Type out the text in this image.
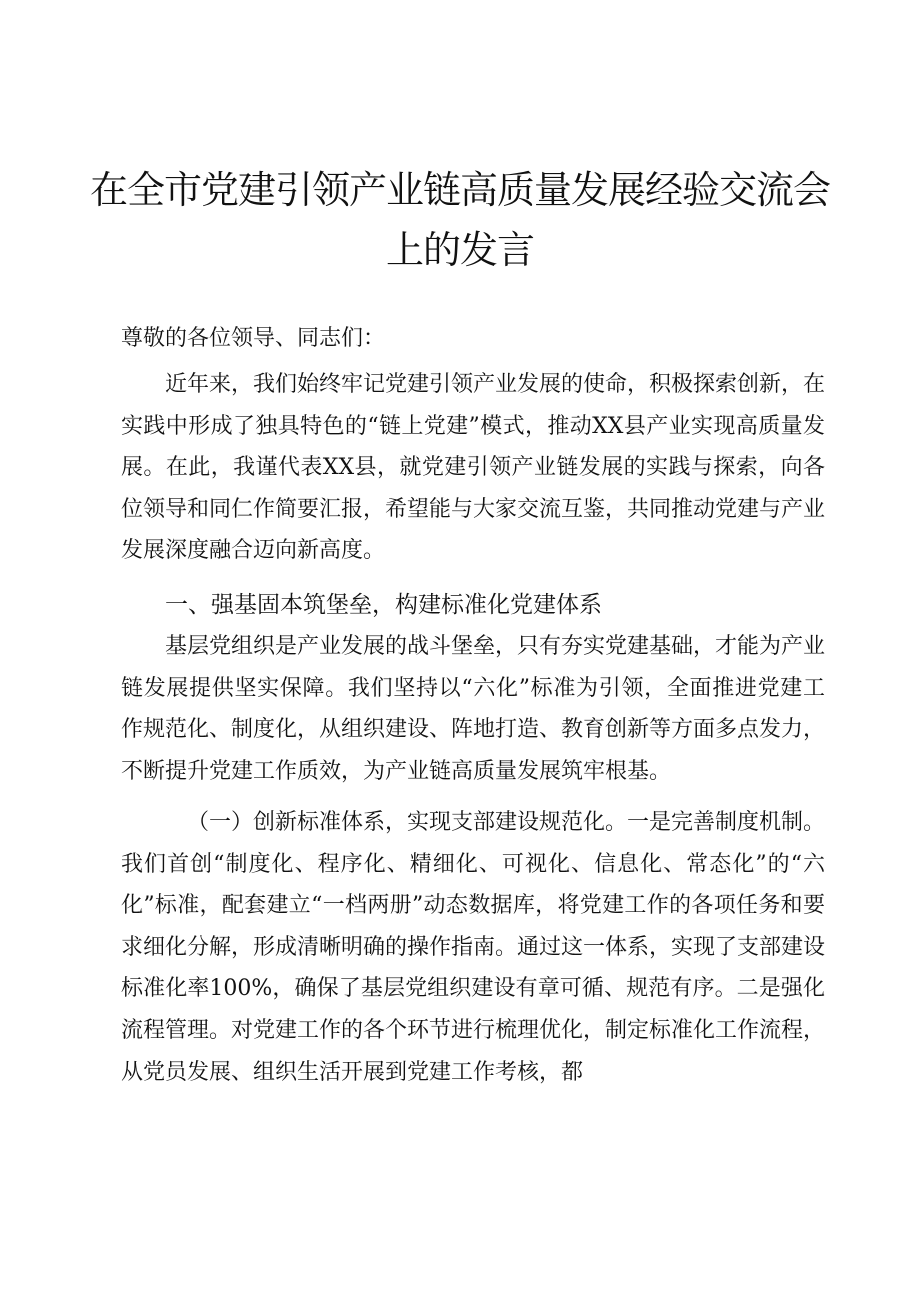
在全市党建引领产业链高质量发展经验交流会
上的发言

尊敬的各位领导、同志们：

近年来，我们始终牢记党建引领产业发展的使命，积极探索创新，在实践中形成了独具特色的“链上党建”模式，推动XX县产业实现高质量发展。在此，我谨代表XX县，就党建引领产业链发展的实践与探索，向各位领导和同仁作简要汇报，希望能与大家交流互鉴，共同推动党建与产业发展深度融合迈向新高度。

一、强基固本筑堡垒，构建标准化党建体系

基层党组织是产业发展的战斗堡垒，只有夯实党建基础，才能为产业链发展提供坚实保障。我们坚持以“六化”标准为引领，全面推进党建工作规范化、制度化，从组织建设、阵地打造、教育创新等方面多点发力，不断提升党建工作质效，为产业链高质量发展筑牢根基。

（一）创新标准体系，实现支部建设规范化。一是完善制度机制。我们首创“制度化、程序化、精细化、可视化、信息化、常态化”的“六化”标准，配套建立“一档两册”动态数据库，将党建工作的各项任务和要求细化分解，形成清晰明确的操作指南。通过这一体系，实现了支部建设标准化率100%，确保了基层党组织建设有章可循、规范有序。二是强化流程管理。对党建工作的各个环节进行梳理优化，制定标准化工作流程，从党员发展、组织生活开展到党建工作考核，都
